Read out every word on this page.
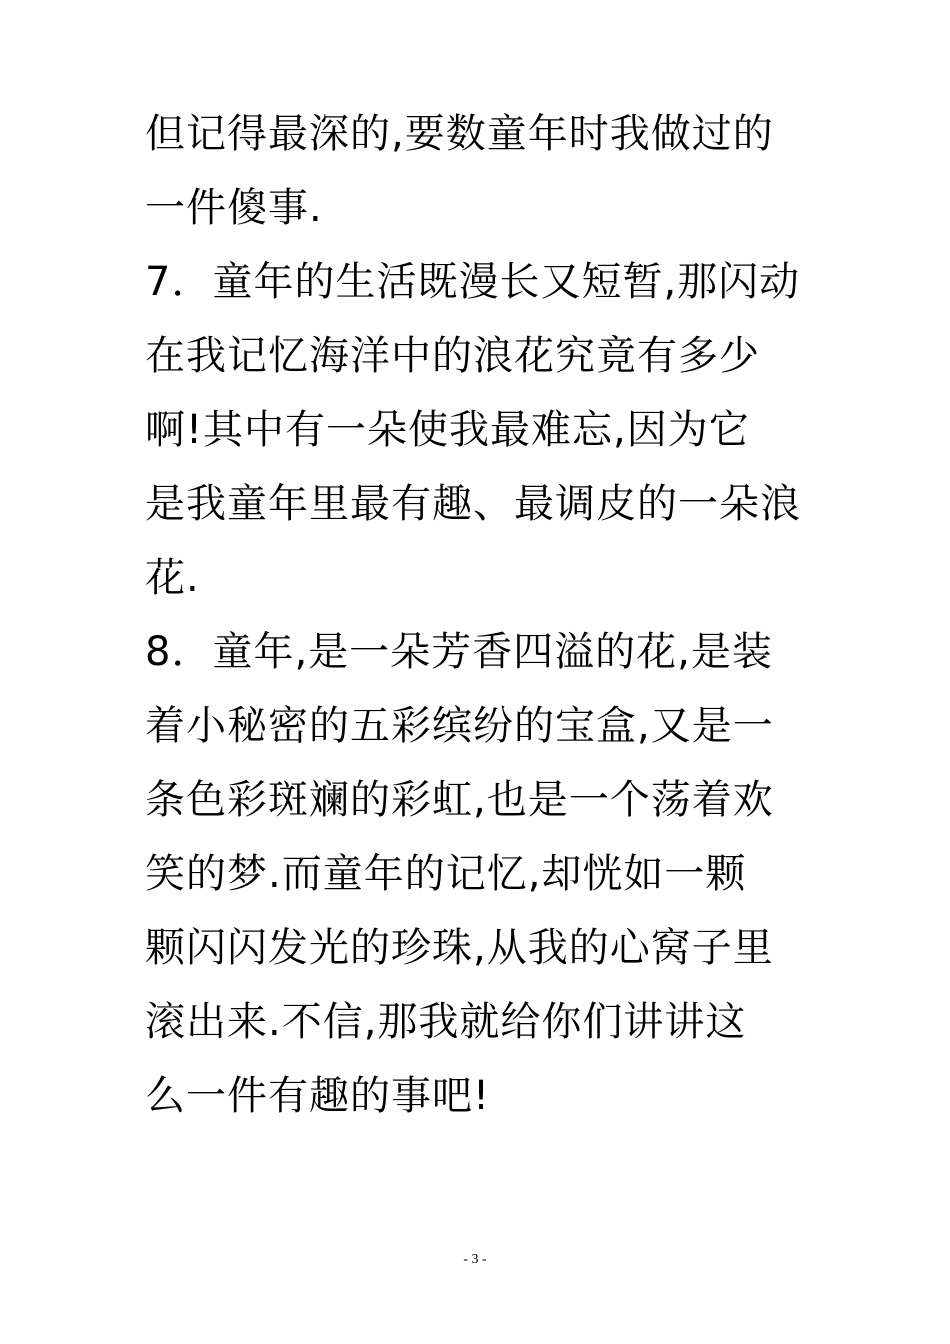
但记得最深的,要数童年时我做过的
一件傻事.
7．童年的生活既漫长又短暂,那闪动
在我记忆海洋中的浪花究竟有多少
啊!其中有一朵使我最难忘,因为它
是我童年里最有趣、最调皮的一朵浪
花.
8．童年,是一朵芳香四溢的花,是装
着小秘密的五彩缤纷的宝盒,又是一
条色彩斑斓的彩虹,也是一个荡着欢
笑的梦.而童年的记忆,却恍如一颗
颗闪闪发光的珍珠,从我的心窝子里
滚出来.不信,那我就给你们讲讲这
么一件有趣的事吧!
- 3 -
